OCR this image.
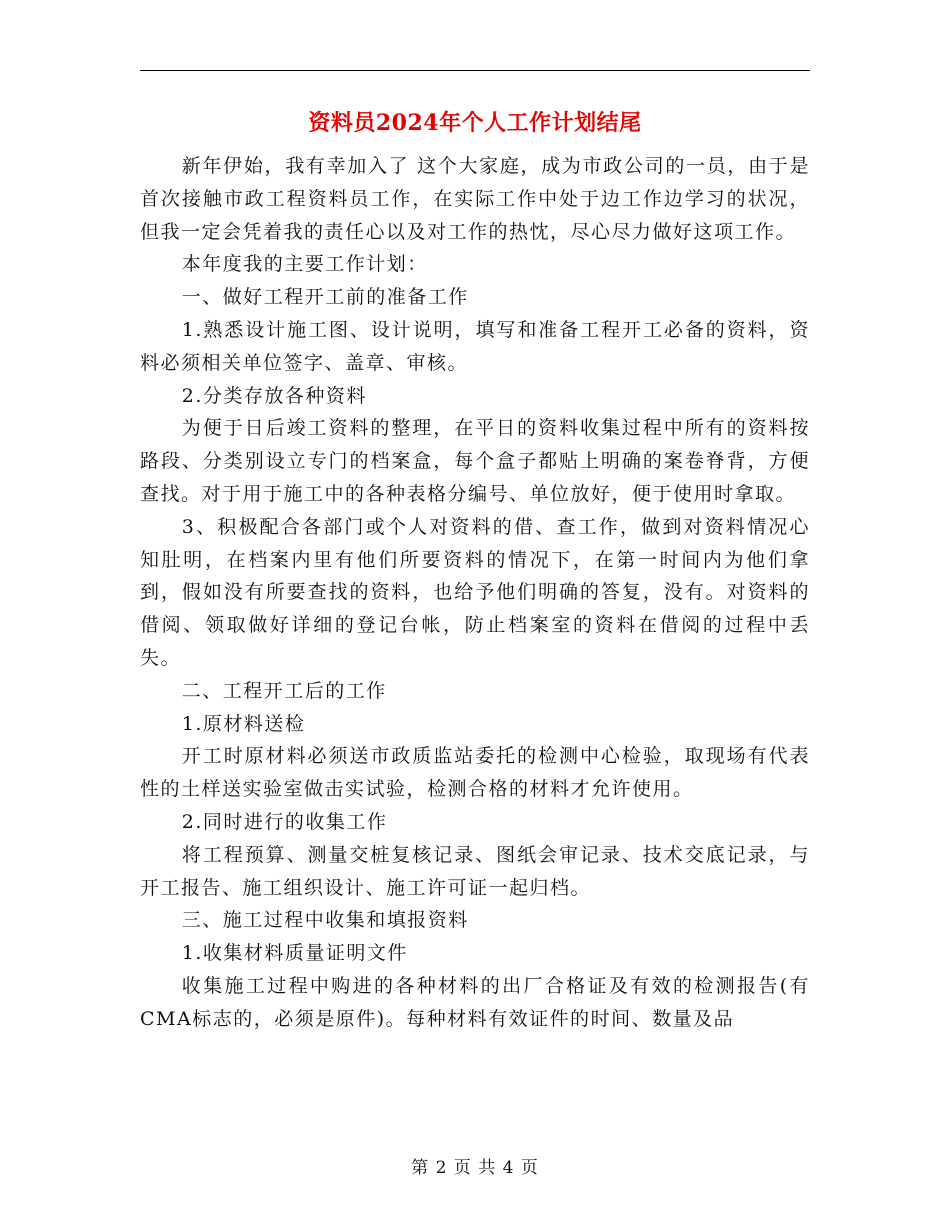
资料员2024年个人工作计划结尾

新年伊始，我有幸加入了 这个大家庭，成为市政公司的一员，由于是首次接触市政工程资料员工作，在实际工作中处于边工作边学习的状况，但我一定会凭着我的责任心以及对工作的热忱，尽心尽力做好这项工作。

本年度我的主要工作计划：

一、做好工程开工前的准备工作

1.熟悉设计施工图、设计说明，填写和准备工程开工必备的资料，资料必须相关单位签字、盖章、审核。

2.分类存放各种资料

为便于日后竣工资料的整理，在平日的资料收集过程中所有的资料按路段、分类别设立专门的档案盒，每个盒子都贴上明确的案卷脊背，方便查找。对于用于施工中的各种表格分编号、单位放好，便于使用时拿取。

3、积极配合各部门或个人对资料的借、查工作，做到对资料情况心知肚明，在档案内里有他们所要资料的情况下，在第一时间内为他们拿到，假如没有所要查找的资料，也给予他们明确的答复，没有。对资料的借阅、领取做好详细的登记台帐，防止档案室的资料在借阅的过程中丢失。

二、工程开工后的工作

1.原材料送检

开工时原材料必须送市政质监站委托的检测中心检验，取现场有代表性的土样送实验室做击实试验，检测合格的材料才允许使用。

2.同时进行的收集工作

将工程预算、测量交桩复核记录、图纸会审记录、技术交底记录，与开工报告、施工组织设计、施工许可证一起归档。

三、施工过程中收集和填报资料

1.收集材料质量证明文件

收集施工过程中购进的各种材料的出厂合格证及有效的检测报告(有CMA标志的，必须是原件)。每种材料有效证件的时间、数量及品

第 2 页 共 4 页
